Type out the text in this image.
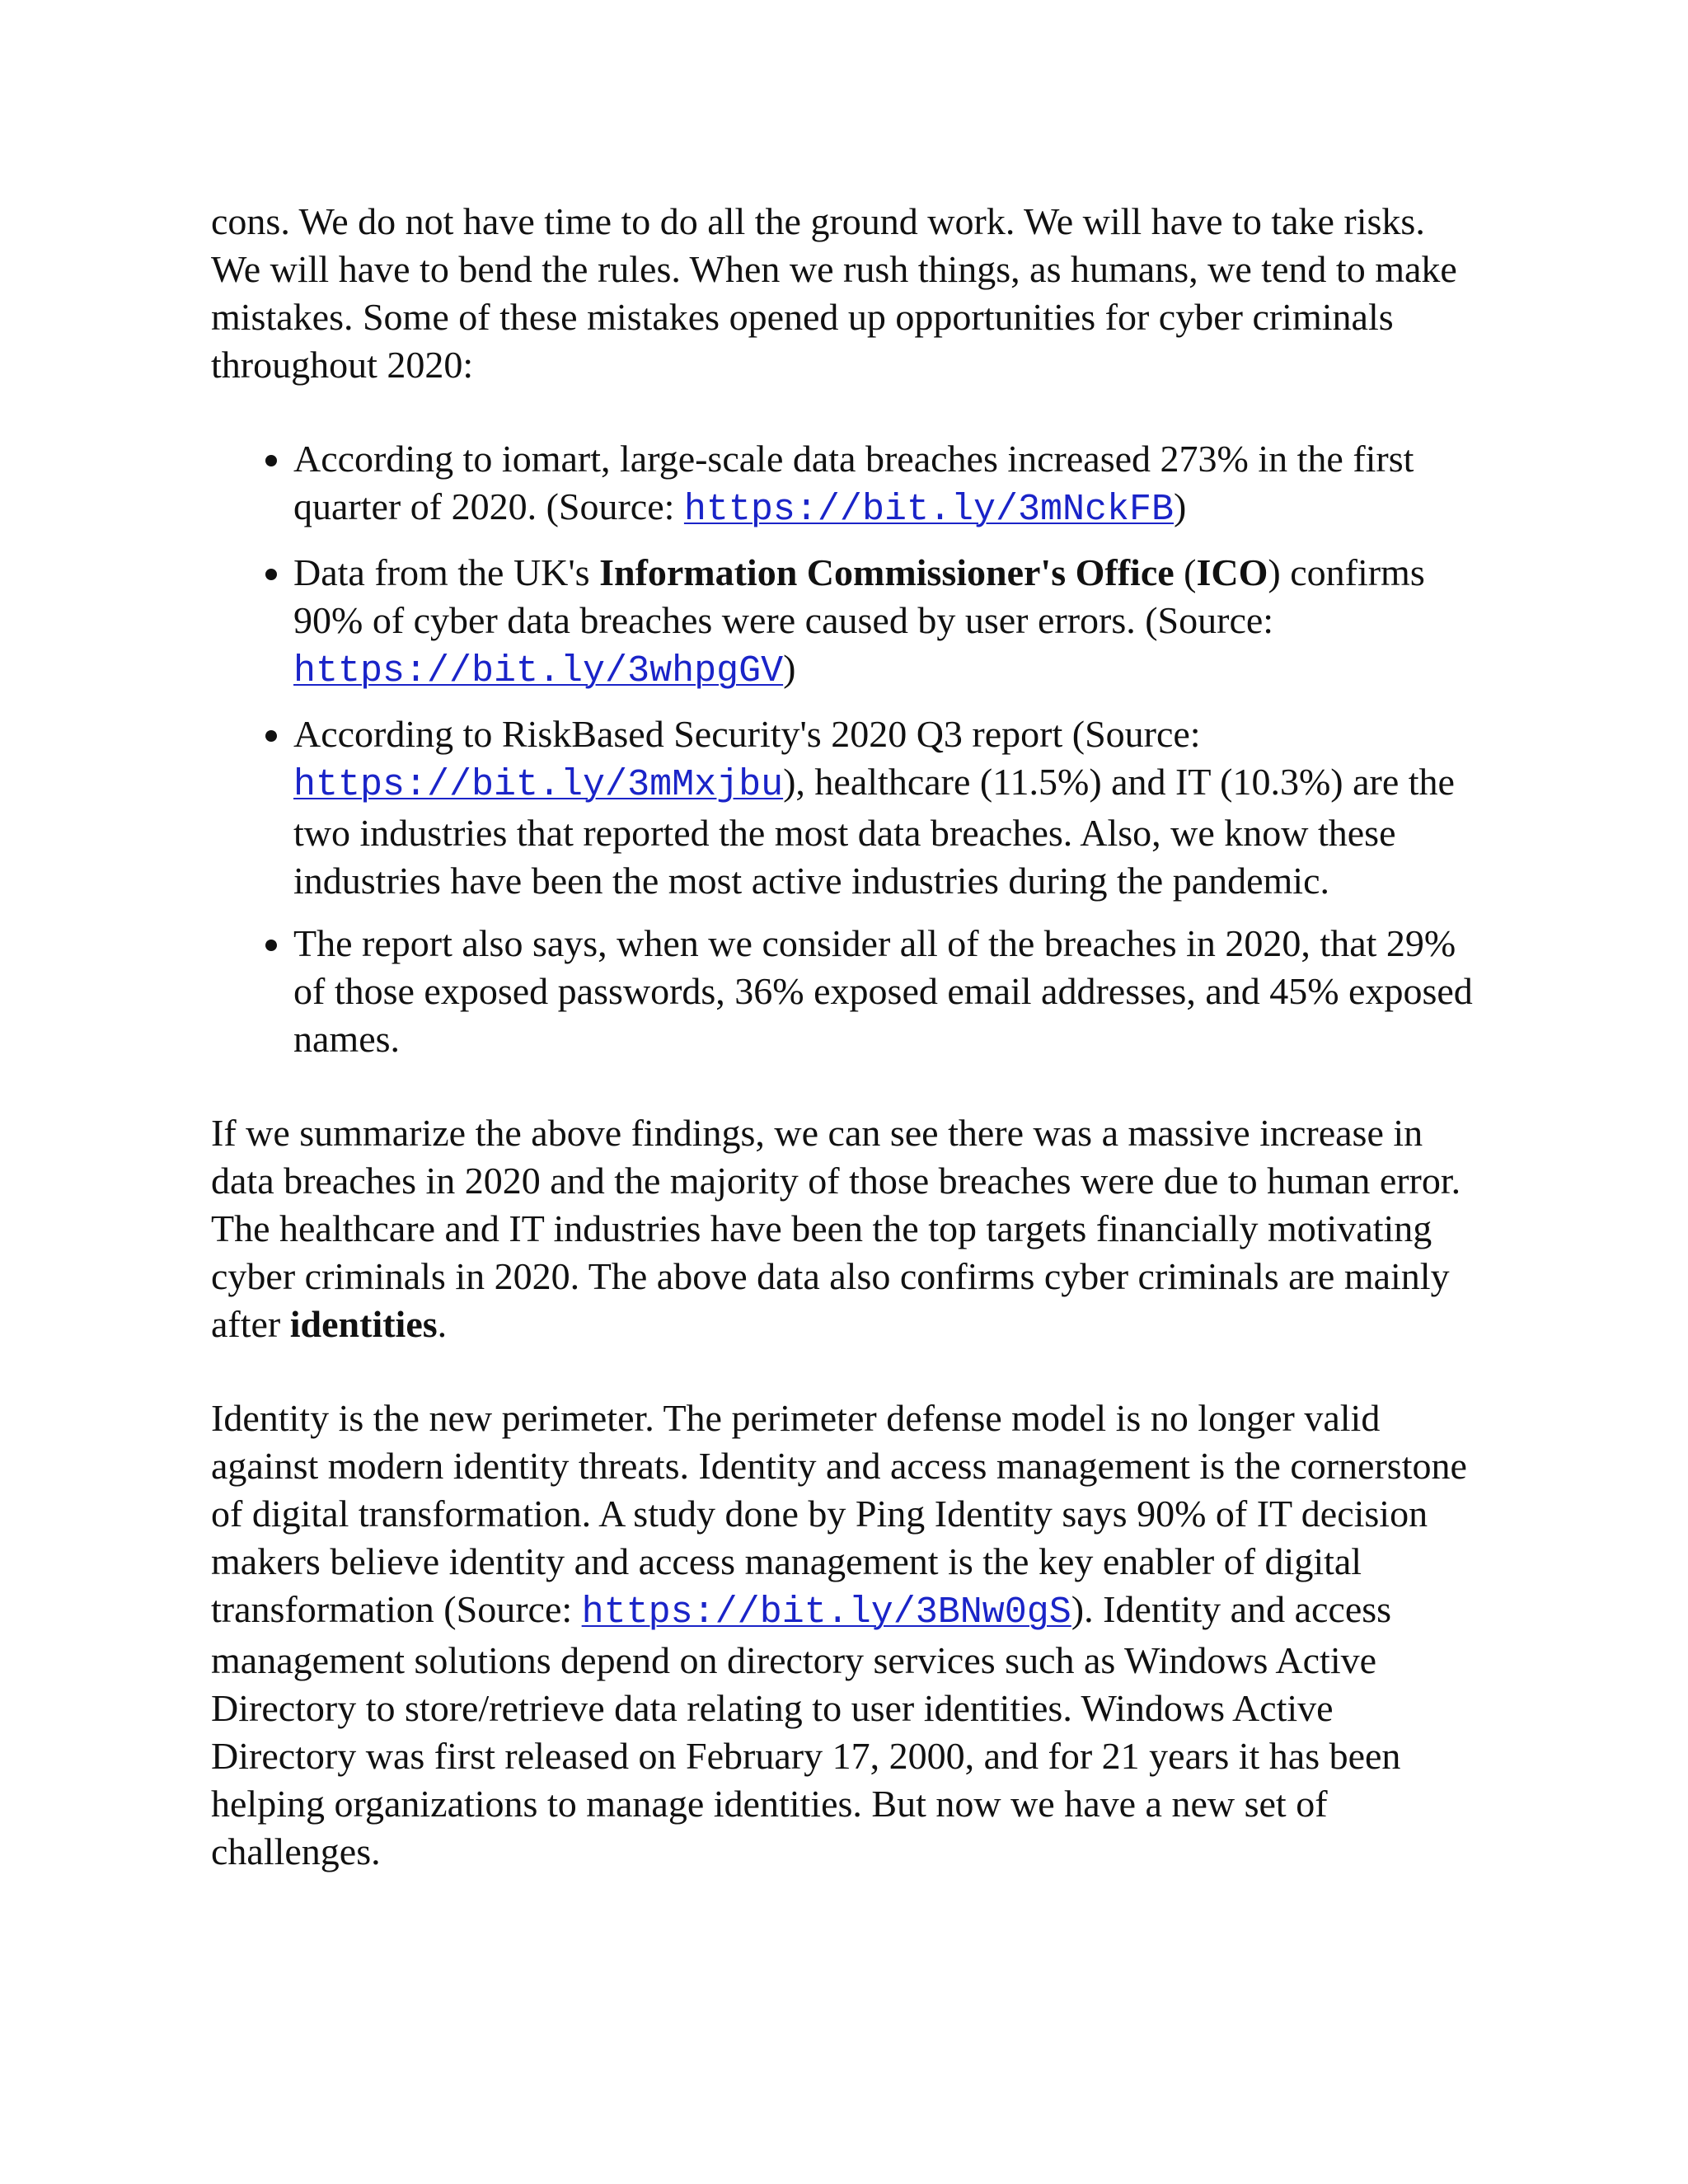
cons. We do not have time to do all the ground work. We will have to take risks. We will have to bend the rules. When we rush things, as humans, we tend to make mistakes. Some of these mistakes opened up opportunities for cyber criminals throughout 2020:

• According to iomart, large-scale data breaches increased 273% in the first quarter of 2020. (Source: https://bit.ly/3mNckFB)
• Data from the UK's Information Commissioner's Office (ICO) confirms 90% of cyber data breaches were caused by user errors. (Source: https://bit.ly/3whpgGV)
• According to RiskBased Security's 2020 Q3 report (Source: https://bit.ly/3mMxjbu), healthcare (11.5%) and IT (10.3%) are the two industries that reported the most data breaches. Also, we know these industries have been the most active industries during the pandemic.
• The report also says, when we consider all of the breaches in 2020, that 29% of those exposed passwords, 36% exposed email addresses, and 45% exposed names.

If we summarize the above findings, we can see there was a massive increase in data breaches in 2020 and the majority of those breaches were due to human error. The healthcare and IT industries have been the top targets financially motivating cyber criminals in 2020. The above data also confirms cyber criminals are mainly after identities.

Identity is the new perimeter. The perimeter defense model is no longer valid against modern identity threats. Identity and access management is the cornerstone of digital transformation. A study done by Ping Identity says 90% of IT decision makers believe identity and access management is the key enabler of digital transformation (Source: https://bit.ly/3BNw0gS). Identity and access management solutions depend on directory services such as Windows Active Directory to store/retrieve data relating to user identities. Windows Active Directory was first released on February 17, 2000, and for 21 years it has been helping organizations to manage identities. But now we have a new set of challenges.
